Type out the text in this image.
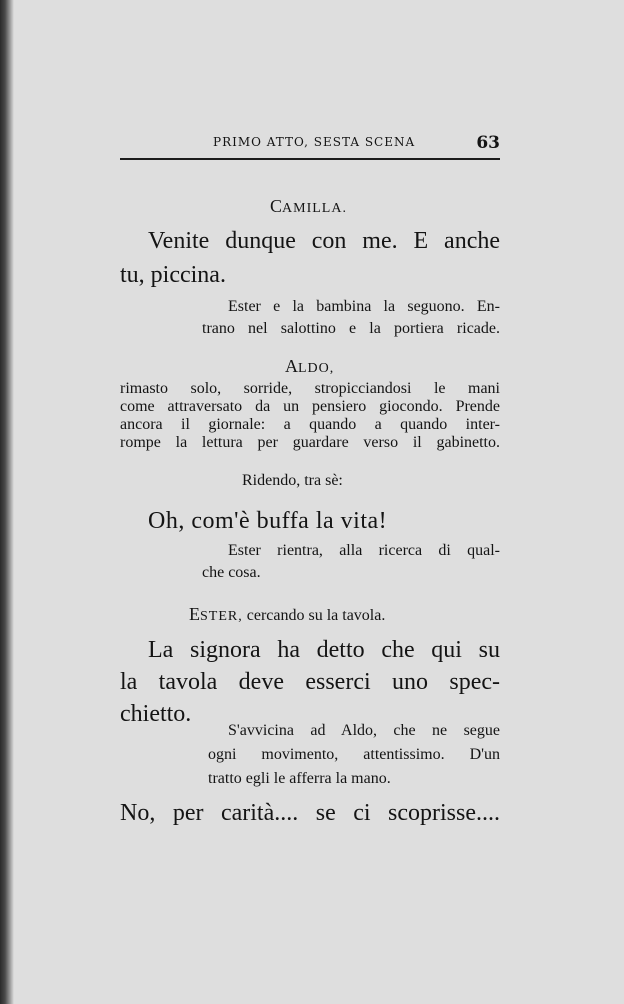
PRIMO ATTO, SESTA SCENA	63
CAMILLA.
Venite dunque con me. E anche
tu, piccina.
Ester e la bambina la seguono. En-
trano nel salottino e la portiera ricade.
ALDO,
rimasto solo, sorride, stropicciandosi le mani
come attraversato da un pensiero giocondo. Prende
ancora il giornale: a quando a quando inter-
rompe la lettura per guardare verso il gabinetto.
Ridendo, tra sè:
Oh, com'è buffa la vita!
Ester rientra, alla ricerca di qual-
che cosa.
ESTER, cercando su la tavola.
La signora ha detto che qui su
la tavola deve esserci uno spec-
chietto.
S'avvicina ad Aldo, che ne segue
ogni movimento, attentissimo. D'un
tratto egli le afferra la mano.
No, per carità.... se ci scoprisse....
